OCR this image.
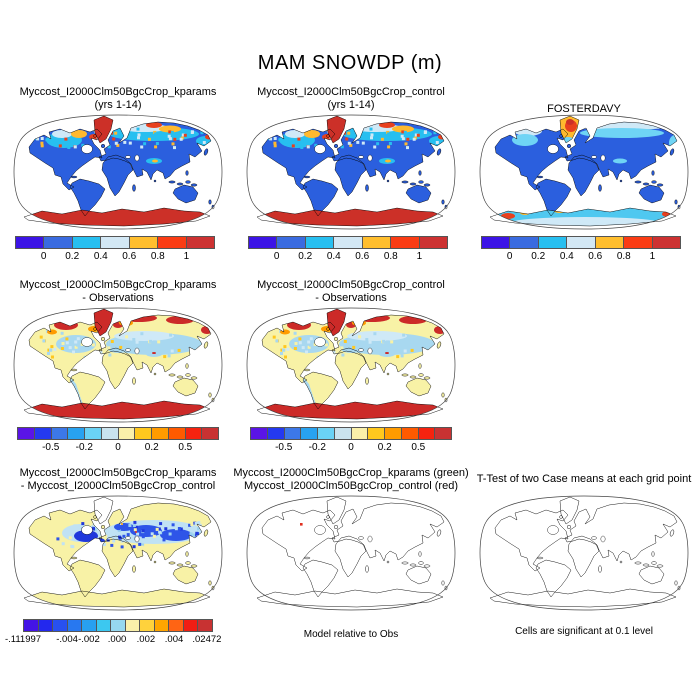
MAM SNOWDP (m)
Myccost_I2000Clm50BgcCrop_kparams
(yrs 1-14)
0 0.2 0.4 0.6 0.8 1
Myccost_I2000Clm50BgcCrop_control
(yrs 1-14)
0 0.2 0.4 0.6 0.8 1
FOSTERDAVY
0 0.2 0.4 0.6 0.8 1
Myccost_I2000Clm50BgcCrop_kparams
- Observations
-0.5 -0.2 0 0.2 0.5
Myccost_I2000Clm50BgcCrop_control
- Observations
-0.5 -0.2 0 0.2 0.5
Myccost_I2000Clm50BgcCrop_kparams
- Myccost_I2000Clm50BgcCrop_control
-.111997 -.004 -.002 .000 .002 .004 .02472
Myccost_I2000Clm50BgcCrop_kparams (green)
Myccost_I2000Clm50BgcCrop_control (red)
Model relative to Obs
T-Test of two Case means at each grid point
Cells are significant at 0.1 level
